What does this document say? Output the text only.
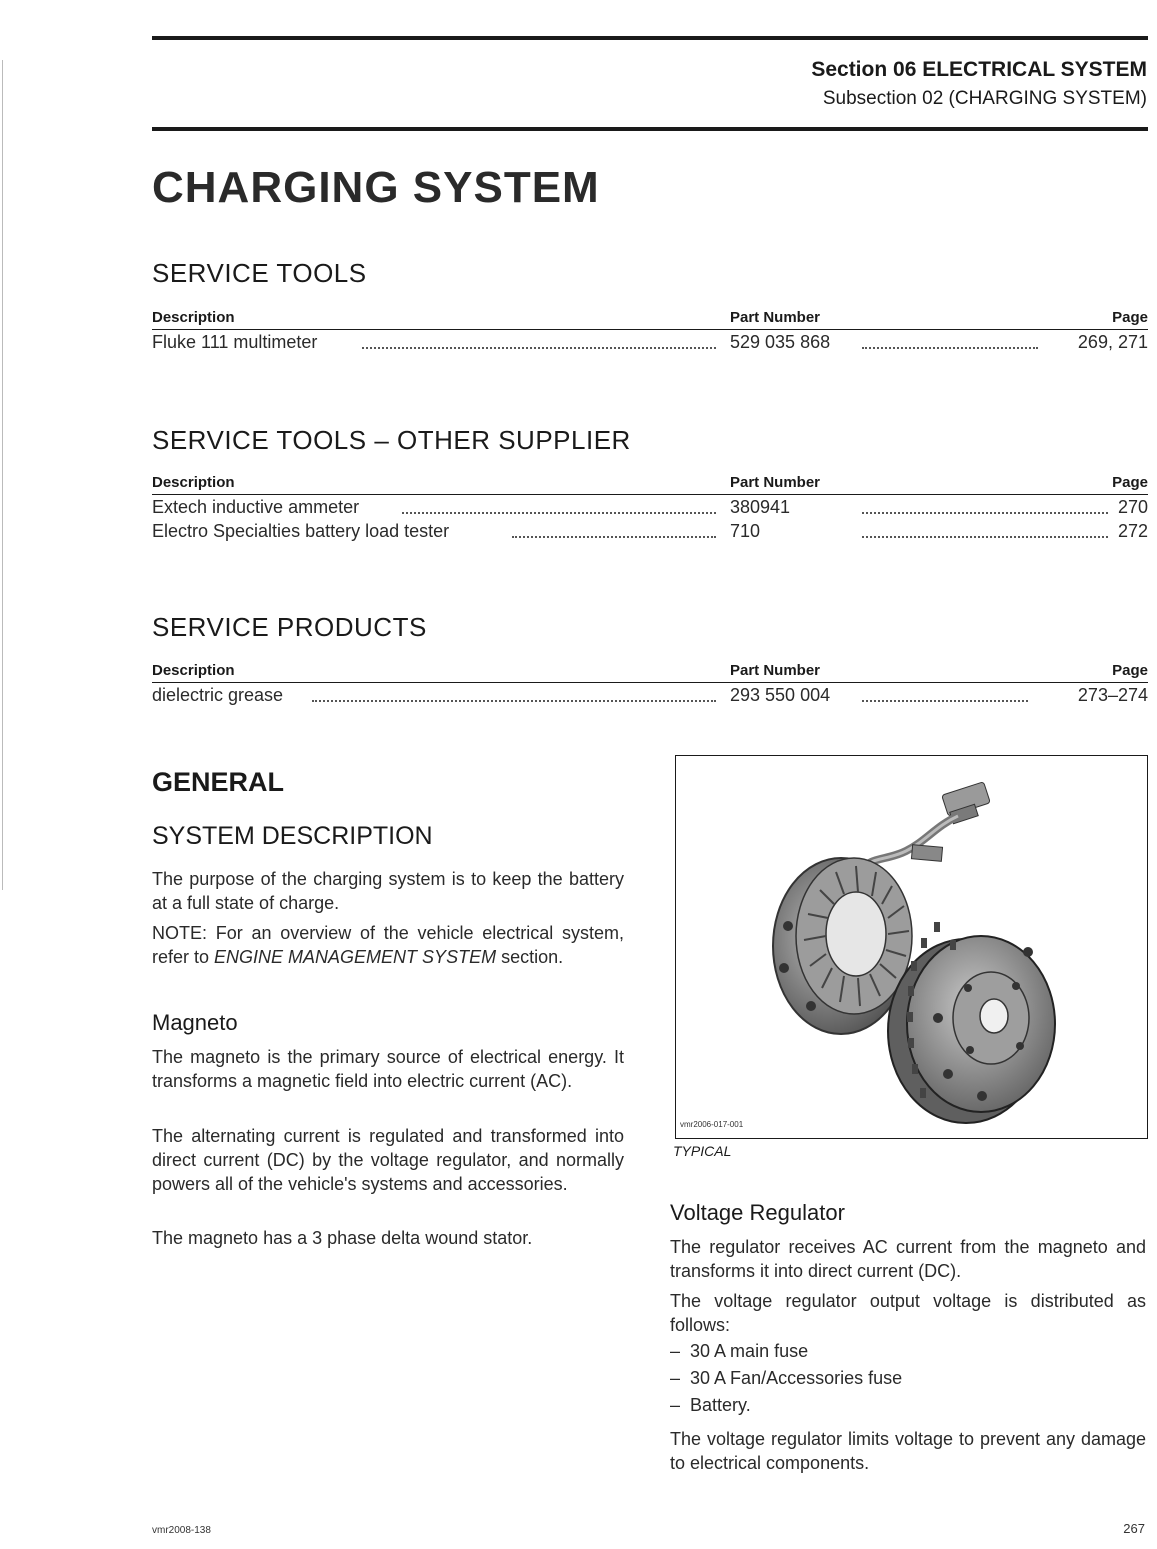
Section 06 ELECTRICAL SYSTEM
Subsection 02 (CHARGING SYSTEM)
CHARGING SYSTEM
SERVICE TOOLS
Description	Part Number	Page
Fluke 111 multimeter	529 035 868	269, 271
SERVICE TOOLS – OTHER SUPPLIER
Description	Part Number	Page
Extech inductive ammeter	380941	270
Electro Specialties battery load tester	710	272
SERVICE PRODUCTS
Description	Part Number	Page
dielectric grease	293 550 004	273–274
GENERAL
SYSTEM DESCRIPTION
The purpose of the charging system is to keep the battery at a full state of charge.
NOTE: For an overview of the vehicle electrical system, refer to ENGINE MANAGEMENT SYSTEM section.
Magneto
The magneto is the primary source of electrical energy. It transforms a magnetic field into electric current (AC).
The alternating current is regulated and transformed into direct current (DC) by the voltage regulator, and normally powers all of the vehicle's systems and accessories.
The magneto has a 3 phase delta wound stator.
vmr2006-017-001
TYPICAL
Voltage Regulator
The regulator receives AC current from the magneto and transforms it into direct current (DC).
The voltage regulator output voltage is distributed as follows:
–  30 A main fuse
–  30 A Fan/Accessories fuse
–  Battery.
The voltage regulator limits voltage to prevent any damage to electrical components.
vmr2008-138	267
